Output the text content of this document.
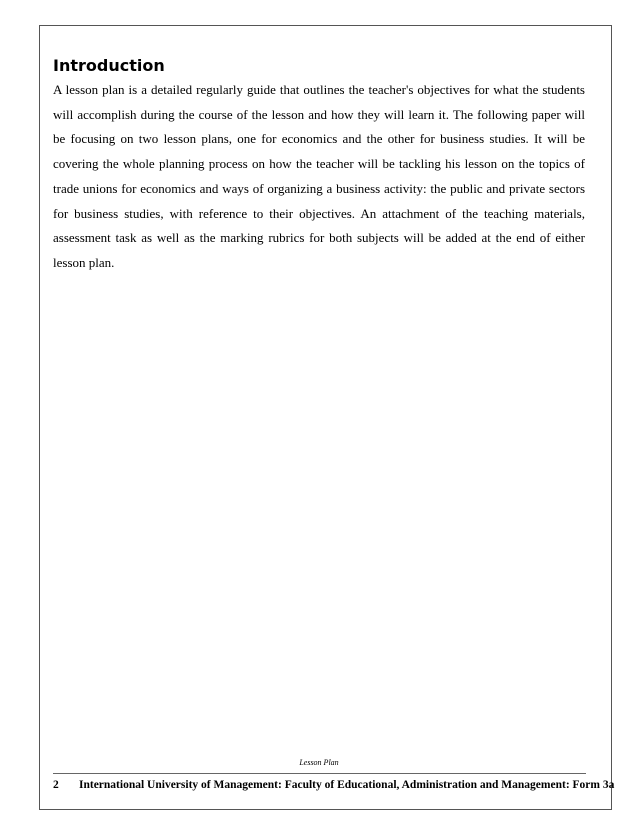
Introduction

A lesson plan is a detailed regularly guide that outlines the teacher's objectives for what the students will accomplish during the course of the lesson and how they will learn it. The following paper will be focusing on two lesson plans, one for economics and the other for business studies. It will be covering the whole planning process on how the teacher will be tackling his lesson on the topics of trade unions for economics and ways of organizing a business activity: the public and private sectors for business studies, with reference to their objectives. An attachment of the teaching materials, assessment task as well as the marking rubrics for both subjects will be added at the end of either lesson plan.

Lesson Plan
2 International University of Management: Faculty of Educational, Administration and Management: Form 3a
